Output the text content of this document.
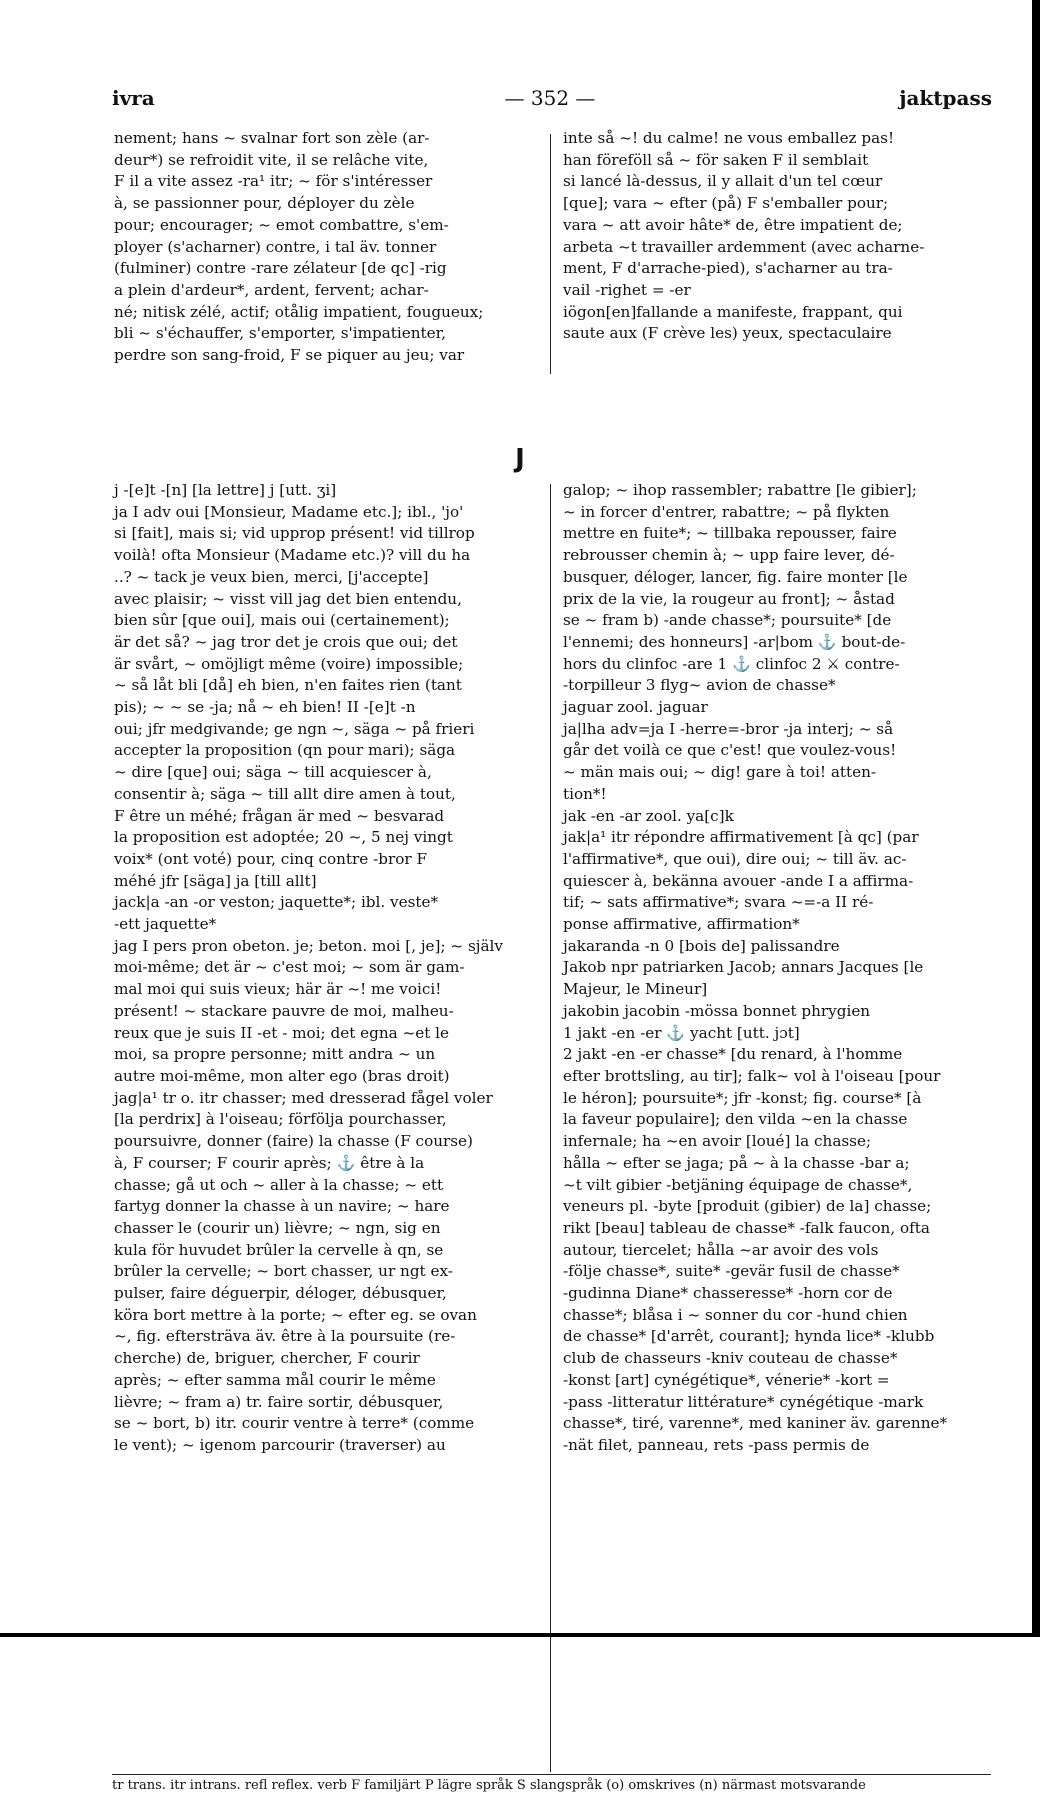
ivra	— 352 —	jaktpass

nement; hans ~ svalnar fort son zèle (ar-

deur*) se refroidit vite, il se relâche vite,

F il a vite assez -ra¹ itr; ~ för s'intéresser

à, se passionner pour, déployer du zèle

pour; encourager; ~ emot combattre, s'em-

ployer (s'acharner) contre, i tal äv. tonner

(fulminer) contre -rare zélateur [de qc] -rig

a plein d'ardeur*, ardent, fervent; achar-

né; nitisk zélé, actif; otålig impatient, fougueux;

bli ~ s'échauffer, s'emporter, s'impatienter,

perdre son sang-froid, F se piquer au jeu; var

inte så ~! du calme! ne vous emballez pas!

han föreföll så ~ för saken F il semblait

si lancé là-dessus, il y allait d'un tel cœur

[que]; vara ~ efter (på) F s'emballer pour;

vara ~ att avoir hâte* de, être impatient de;

arbeta ~t travailler ardemment (avec acharne-

ment, F d'arrache-pied), s'acharner au tra-

vail -righet = -er

iögon[en]fallande a manifeste, frappant, qui

saute aux (F crève les) yeux, spectaculaire

J

j -[e]t -[n] [la lettre] j [utt. ʒi]

ja I adv oui [Monsieur, Madame etc.]; ibl., 'jo'

si [fait], mais si; vid upprop présent! vid tillrop

voilà! ofta Monsieur (Madame etc.)? vill du ha

..? ~ tack je veux bien, merci, [j'accepte]

avec plaisir; ~ visst vill jag det bien entendu,

bien sûr [que oui], mais oui (certainement);

är det så? ~ jag tror det je crois que oui; det

är svårt, ~ omöjligt même (voire) impossible;

~ så låt bli [då] eh bien, n'en faites rien (tant

pis); ~ ~ se -ja; nå ~ eh bien! II -[e]t -n

oui; jfr medgivande; ge ngn ~, säga ~ på frieri

accepter la proposition (qn pour mari); säga

~ dire [que] oui; säga ~ till acquiescer à,

consentir à; säga ~ till allt dire amen à tout,

F être un méhé; frågan är med ~ besvarad

la proposition est adoptée; 20 ~, 5 nej vingt

voix* (ont voté) pour, cinq contre -bror F

méhé jfr [säga] ja [till allt]

jack|a -an -or veston; jaquette*; ibl. veste*

-ett jaquette*

jag I pers pron obeton. je; beton. moi [, je]; ~ själv

moi-même; det är ~ c'est moi; ~ som är gam-

mal moi qui suis vieux; här är ~! me voici!

présent! ~ stackare pauvre de moi, malheu-

reux que je suis II -et - moi; det egna ~et le

moi, sa propre personne; mitt andra ~ un

autre moi-même, mon alter ego (bras droit)

jag|a¹ tr o. itr chasser; med dresserad fågel voler

[la perdrix] à l'oiseau; förfölja pourchasser,

poursuivre, donner (faire) la chasse (F course)

à, F courser; F courir après; ⚓ être à la

chasse; gå ut och ~ aller à la chasse; ~ ett

fartyg donner la chasse à un navire; ~ hare

chasser le (courir un) lièvre; ~ ngn, sig en

kula för huvudet brûler la cervelle à qn, se

brûler la cervelle; ~ bort chasser, ur ngt ex-

pulser, faire déguerpir, déloger, débusquer,

köra bort mettre à la porte; ~ efter eg. se ovan

~, fig. eftersträva äv. être à la poursuite (re-

cherche) de, briguer, chercher, F courir

après; ~ efter samma mål courir le même

lièvre; ~ fram a) tr. faire sortir, débusquer,

se ~ bort, b) itr. courir ventre à terre* (comme

le vent); ~ igenom parcourir (traverser) au

galop; ~ ihop rassembler; rabattre [le gibier];

~ in forcer d'entrer, rabattre; ~ på flykten

mettre en fuite*; ~ tillbaka repousser, faire

rebrousser chemin à; ~ upp faire lever, dé-

busquer, déloger, lancer, fig. faire monter [le

prix de la vie, la rougeur au front]; ~ åstad

se ~ fram b) -ande chasse*; poursuite* [de

l'ennemi; des honneurs] -ar|bom ⚓ bout-de-

hors du clinfoc -are 1 ⚓ clinfoc 2 ⚔ contre-

-torpilleur 3 flyg~ avion de chasse*

jaguar zool. jaguar

ja|lha adv=ja I -herre=-bror -ja interj; ~ så

går det voilà ce que c'est! que voulez-vous!

~ män mais oui; ~ dig! gare à toi! atten-

tion*!

jak -en -ar zool. ya[c]k

jak|a¹ itr répondre affirmativement [à qc] (par

l'affirmative*, que oui), dire oui; ~ till äv. ac-

quiescer à, bekänna avouer -ande I a affirma-

tif; ~ sats affirmative*; svara ~=-a II ré-

ponse affirmative, affirmation*

jakaranda -n 0 [bois de] palissandre

Jakob npr patriarken Jacob; annars Jacques [le

Majeur, le Mineur]

jakobin jacobin -mössa bonnet phrygien

1 jakt -en -er ⚓ yacht [utt. jɔt]

2 jakt -en -er chasse* [du renard, à l'homme

efter brottsling, au tir]; falk~ vol à l'oiseau [pour

le héron]; poursuite*; jfr -konst; fig. course* [à

la faveur populaire]; den vilda ~en la chasse

infernale; ha ~en avoir [loué] la chasse;

hålla ~ efter se jaga; på ~ à la chasse -bar a;

~t vilt gibier -betjäning équipage de chasse*,

veneurs pl. -byte [produit (gibier) de la] chasse;

rikt [beau] tableau de chasse* -falk faucon, ofta

autour, tiercelet; hålla ~ar avoir des vols

-följe chasse*, suite* -gevär fusil de chasse*

-gudinna Diane* chasseresse* -horn cor de

chasse*; blåsa i ~ sonner du cor -hund chien

de chasse* [d'arrêt, courant]; hynda lice* -klubb

club de chasseurs -kniv couteau de chasse*

-konst [art] cynégétique*, vénerie* -kort =

-pass -litteratur littérature* cynégétique -mark

chasse*, tiré, varenne*, med kaniner äv. garenne*

-nät filet, panneau, rets -pass permis de

tr trans. itr intrans. refl reflex. verb F familjärt P lägre språk S slangspråk (o) omskrives (n) närmast motsvarande
